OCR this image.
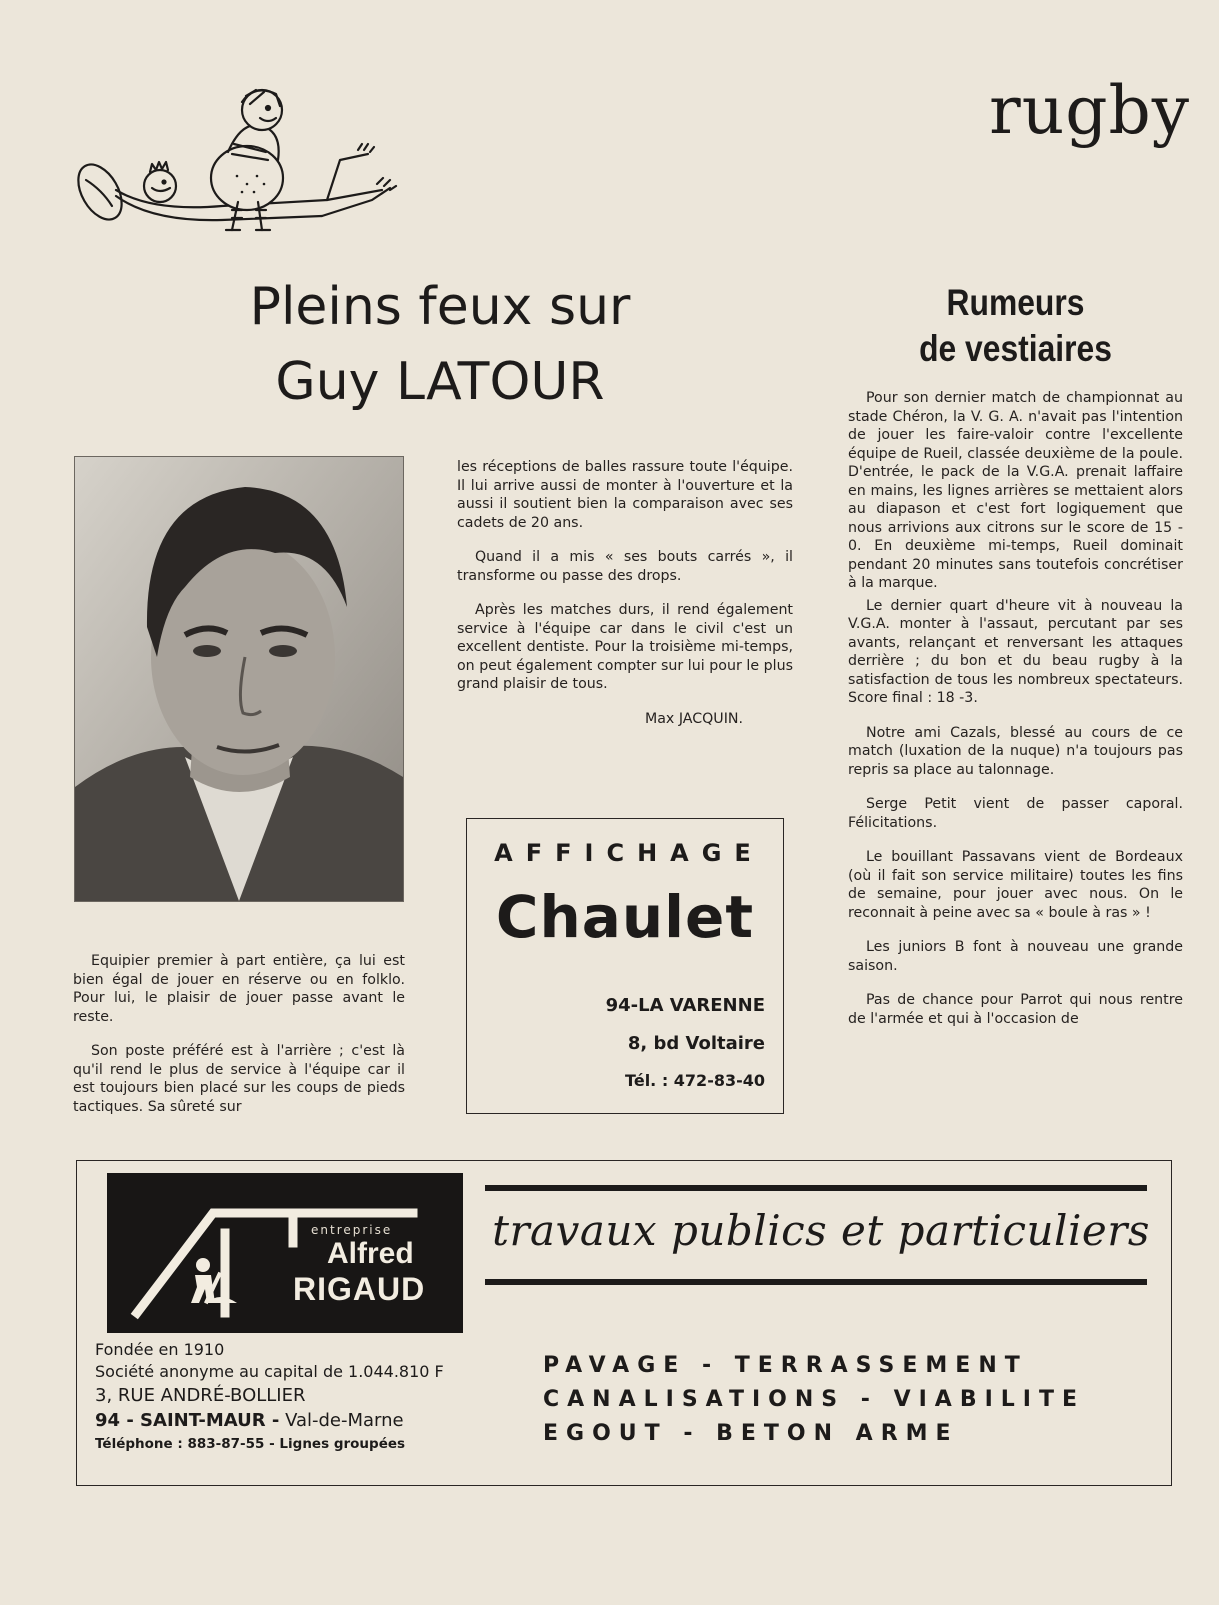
rugby
Pleins feux sur
Guy LATOUR

Equipier premier à part entière, ça lui est bien égal de jouer en réserve ou en folklo. Pour lui, le plaisir de jouer passe avant le reste.

Son poste préféré est à l'arrière ; c'est là qu'il rend le plus de service à l'équipe car il est toujours bien placé sur les coups de pieds tactiques. Sa sûreté sur

les réceptions de balles rassure toute l'équipe. Il lui arrive aussi de monter à l'ouverture et la aussi il soutient bien la comparaison avec ses cadets de 20 ans.

Quand il a mis « ses bouts carrés », il transforme ou passe des drops.

Après les matches durs, il rend également service à l'équipe car dans le civil c'est un excellent dentiste. Pour la troisième mi-temps, on peut également compter sur lui pour le plus grand plaisir de tous.

Max JACQUIN.

AFFICHAGE
Chaulet
94-LA VARENNE
8, bd Voltaire
Tél. : 472-83-40
Rumeurs
de vestiaires

Pour son dernier match de championnat au stade Chéron, la V. G. A. n'avait pas l'intention de jouer les faire-valoir contre l'excellente équipe de Rueil, classée deuxième de la poule. D'entrée, le pack de la V.G.A. prenait laffaire en mains, les lignes arrières se mettaient alors au diapason et c'est fort logiquement que nous arrivions aux citrons sur le score de 15 - 0. En deuxième mi-temps, Rueil dominait pendant 20 minutes sans toutefois concrétiser à la marque.

Le dernier quart d'heure vit à nouveau la V.G.A. monter à l'assaut, percutant par ses avants, relançant et renversant les attaques derrière ; du bon et du beau rugby à la satisfaction de tous les nombreux spectateurs. Score final : 18 -3.

Notre ami Cazals, blessé au cours de ce match (luxation de la nuque) n'a toujours pas repris sa place au talonnage.

Serge Petit vient de passer caporal. Félicitations.

Le bouillant Passavans vient de Bordeaux (où il fait son service militaire) toutes les fins de semaine, pour jouer avec nous. On le reconnait à peine avec sa « boule à ras » !

Les juniors B font à nouveau une grande saison.

Pas de chance pour Parrot qui nous rentre de l'armée et qui à l'occasion de

entreprise
Alfred
RIGAUD
travaux publics et particuliers
Fondée en 1910
Société anonyme au capital de 1.044.810 F
3, RUE ANDRÉ-BOLLIER
94 - SAINT-MAUR - Val-de-Marne
Téléphone : 883-87-55 - Lignes groupées
PAVAGE - TERRASSEMENT
CANALISATIONS - VIABILITE
EGOUT - BETON ARME
